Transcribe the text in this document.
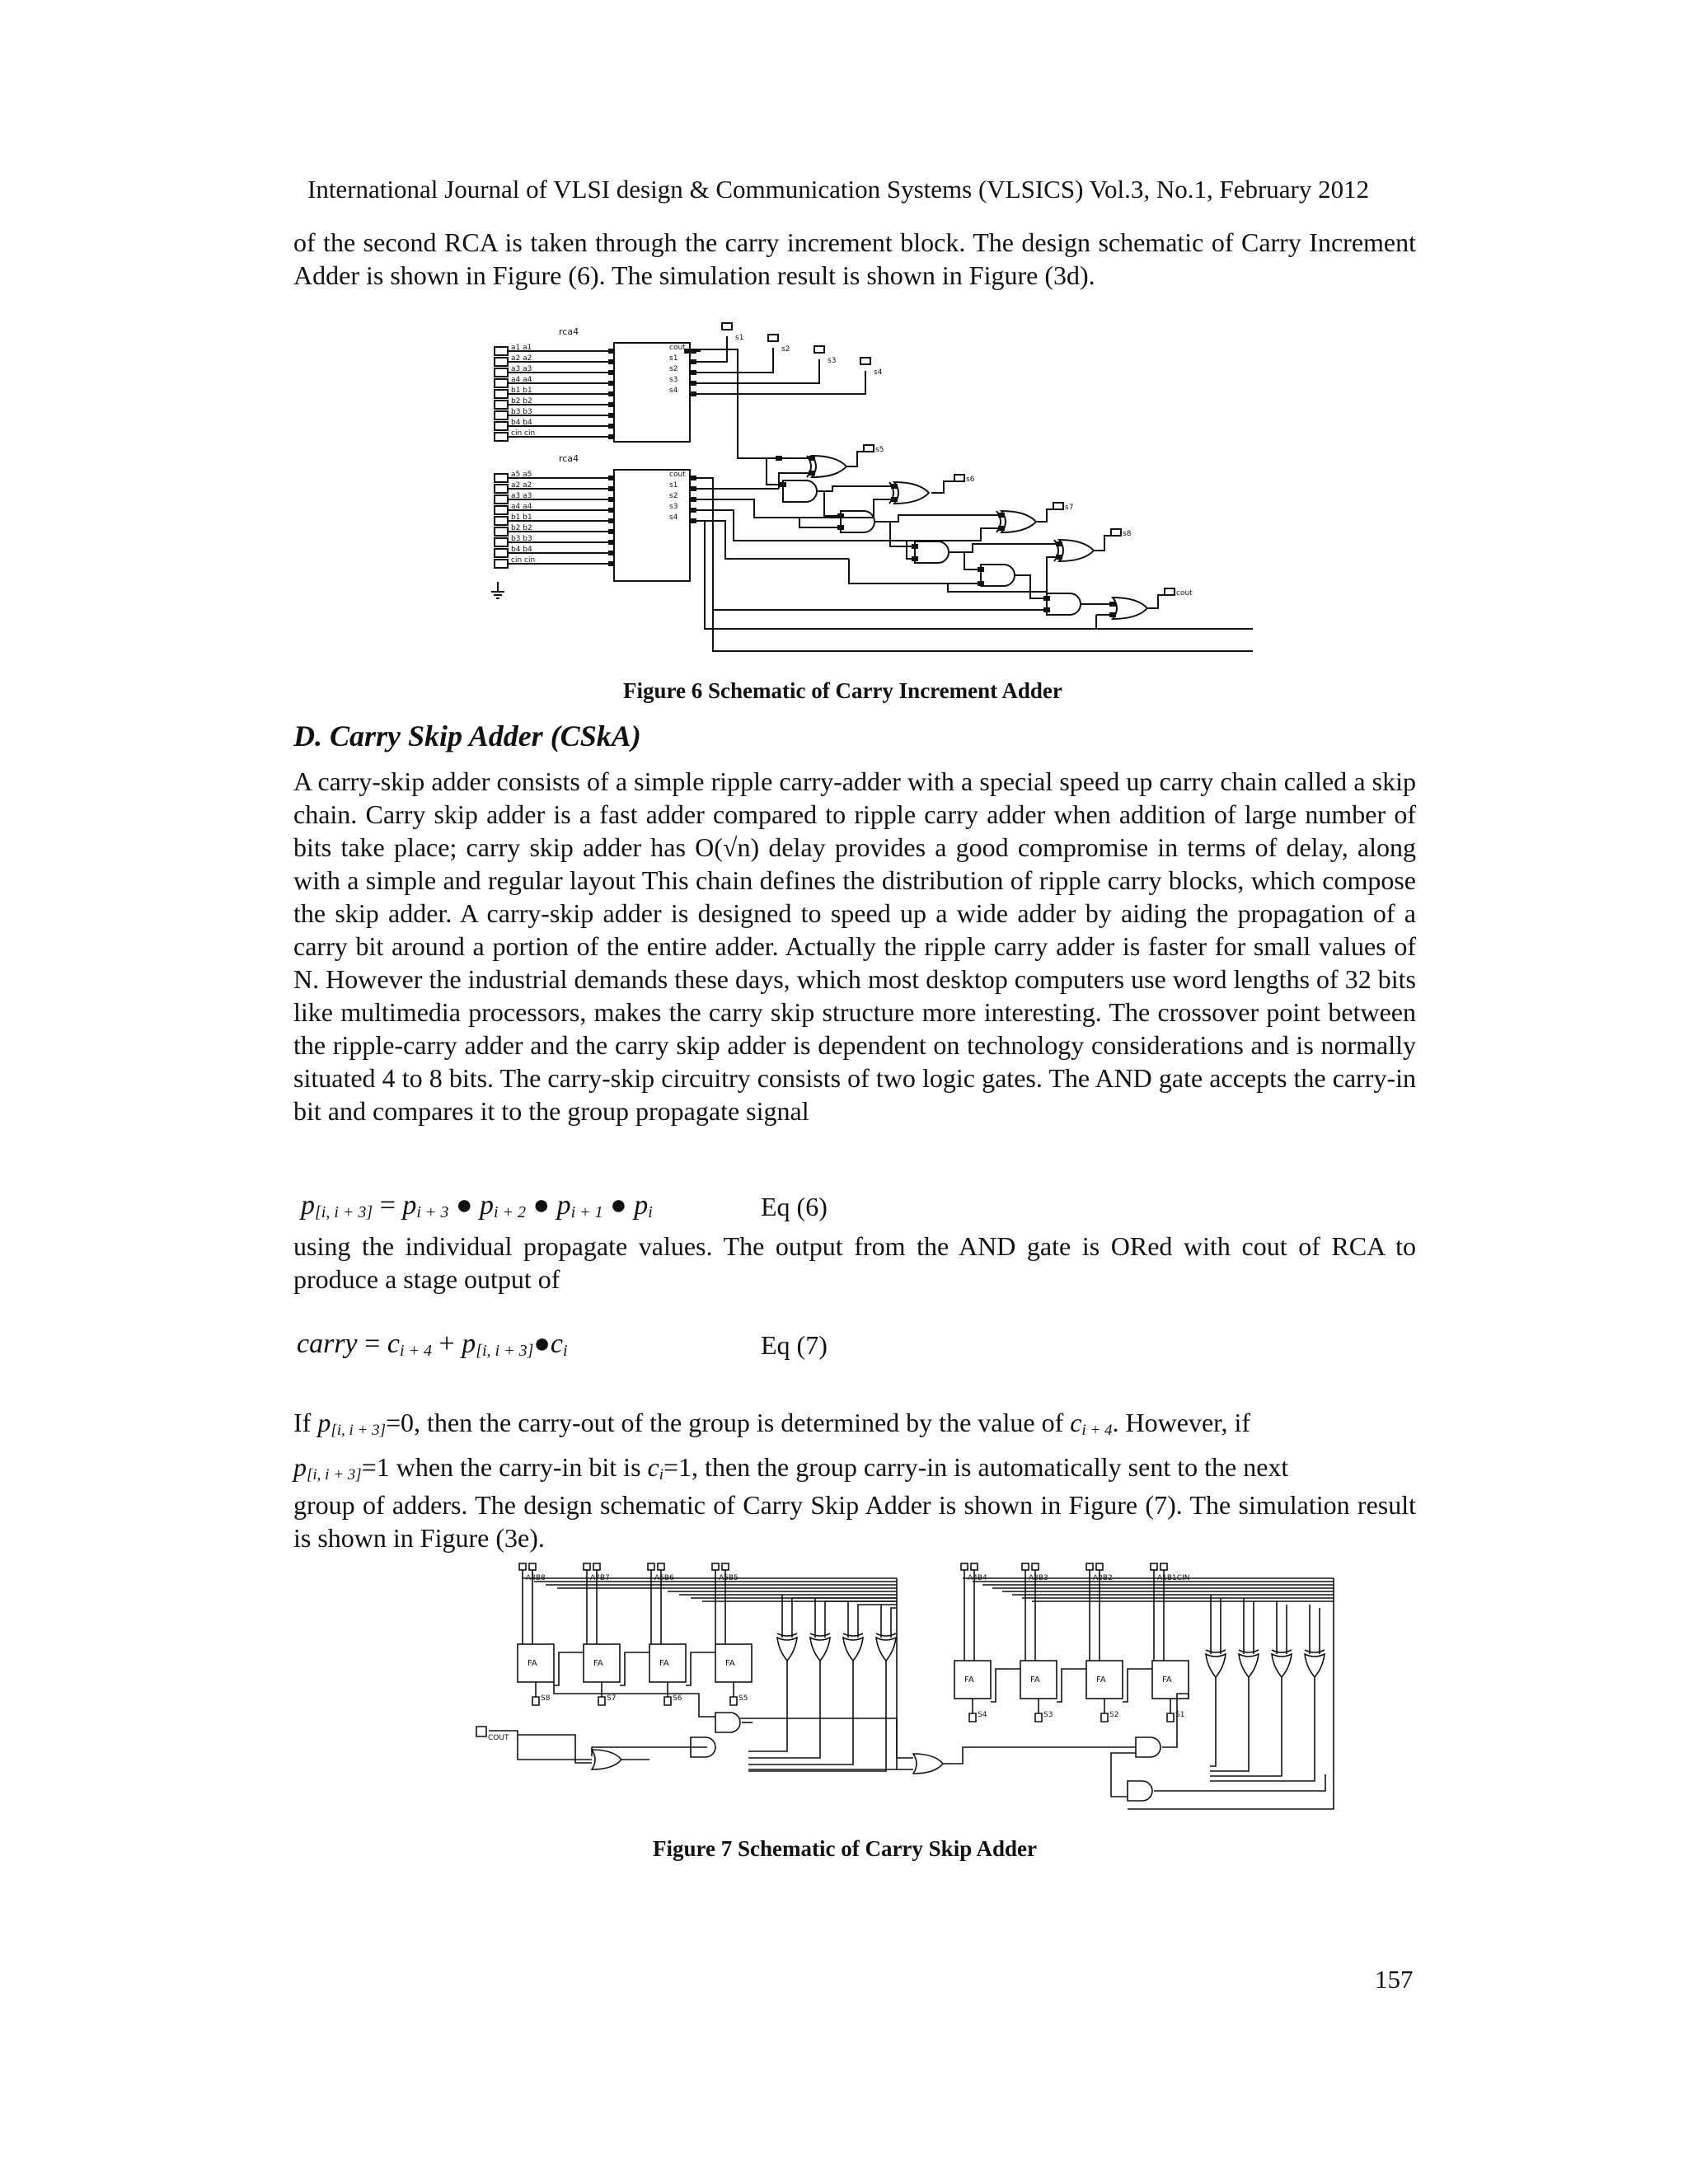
International Journal of VLSI design & Communication Systems (VLSICS) Vol.3, No.1, February 2012

of the second RCA is taken through the carry increment block. The design schematic of Carry Increment Adder is shown in Figure (6). The simulation result is shown in Figure (3d).

a1 a1
a2 a2
a3 a3
a4 a4
b1 b1
b2 b2
b3 b3
b4 b4
cin cin
a5 a5
a2 a2
a3 a3
a4 a4
b1 b1
b2 b2
b3 b3
b4 b4
cin cin
cout
s1
s2
s3
s4
cout
s1
s2
s3
s4
s1
s2
s3
s4
s5
s6
s7
s8
cout
rca4
rca4
Figure 6 Schematic of Carry Increment Adder
D. Carry Skip Adder (CSkA)

A carry-skip adder consists of a simple ripple carry-adder with a special speed up carry chain called a skip chain. Carry skip adder is a fast adder compared to ripple carry adder when addition of large number of bits take place; carry skip adder has O(√n) delay provides a good compromise in terms of delay, along with a simple and regular layout This chain defines the distribution of ripple carry blocks, which compose the skip adder. A carry-skip adder is designed to speed up a wide adder by aiding the propagation of a carry bit around a portion of the entire adder. Actually the ripple carry adder is faster for small values of N. However the industrial demands these days, which most desktop computers use word lengths of 32 bits like multimedia processors, makes the carry skip structure more interesting. The crossover point between the ripple-carry adder and the carry skip adder is dependent on technology considerations and is normally situated 4 to 8 bits. The carry-skip circuitry consists of two logic gates. The AND gate accepts the carry-in bit and compares it to the group propagate signal

p[i, i + 3] = pi + 3 ● pi + 2 ● pi + 1 ● pi	Eq (6)

using the individual propagate values. The output from the AND gate is ORed with cout of RCA to produce a stage output of

carry = ci + 4 + p[i, i + 3]●ci	Eq (7)

If p[i, i + 3]=0, then the carry-out of the group is determined by the value of ci + 4. However, if
p[i, i + 3]=1 when the carry-in bit is ci=1, then the group carry-in is automatically sent to the next
group of adders. The design schematic of Carry Skip Adder is shown in Figure (7). The simulation result is shown in Figure (3e).

FA
A8B8
S8
FA
A7B7
S7
FA
A6B6
S6
FA
A5B5
S5
FA
A4B4
S4
FA
A3B3
S3
FA
A2B2
S2
FA
A1B1CIN
S1
COUT
Figure 7 Schematic of Carry Skip Adder
157
